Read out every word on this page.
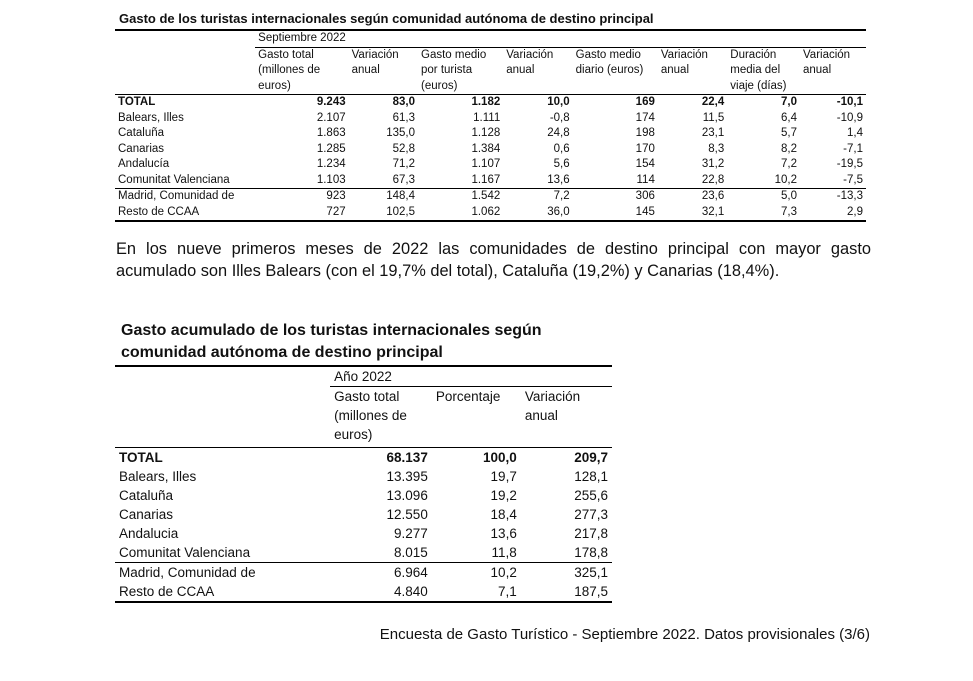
Gasto de los turistas internacionales según comunidad autónoma de destino principal
	Septiembre 2022							
	Gasto total (millones de euros)	Variación anual	Gasto medio por turista (euros)	Variación anual	Gasto medio diario (euros)	Variación anual	Duración media del viaje (días)	Variación anual
TOTAL	9.243	83,0	1.182	10,0	169	22,4	7,0	-10,1
Balears, Illes	2.107	61,3	1.111	-0,8	174	11,5	6,4	-10,9
Cataluña	1.863	135,0	1.128	24,8	198	23,1	5,7	1,4
Canarias	1.285	52,8	1.384	0,6	170	8,3	8,2	-7,1
Andalucía	1.234	71,2	1.107	5,6	154	31,2	7,2	-19,5
Comunitat Valenciana	1.103	67,3	1.167	13,6	114	22,8	10,2	-7,5
Madrid, Comunidad de	923	148,4	1.542	7,2	306	23,6	5,0	-13,3
Resto de CCAA	727	102,5	1.062	36,0	145	32,1	7,3	2,9
En los nueve primeros meses de 2022 las comunidades de destino principal con mayor gasto acumulado son Illes Balears (con el 19,7% del total), Cataluña (19,2%) y Canarias (18,4%).
Gasto acumulado de los turistas internacionales según comunidad autónoma de destino principal
	Año 2022		
	Gasto total (millones de euros)	Porcentaje	Variación anual
TOTAL	68.137	100,0	209,7
Balears, Illes	13.395	19,7	128,1
Cataluña	13.096	19,2	255,6
Canarias	12.550	18,4	277,3
Andalucia	9.277	13,6	217,8
Comunitat Valenciana	8.015	11,8	178,8
Madrid, Comunidad de	6.964	10,2	325,1
Resto de CCAA	4.840	7,1	187,5
Encuesta de Gasto Turístico - Septiembre 2022. Datos provisionales (3/6)
